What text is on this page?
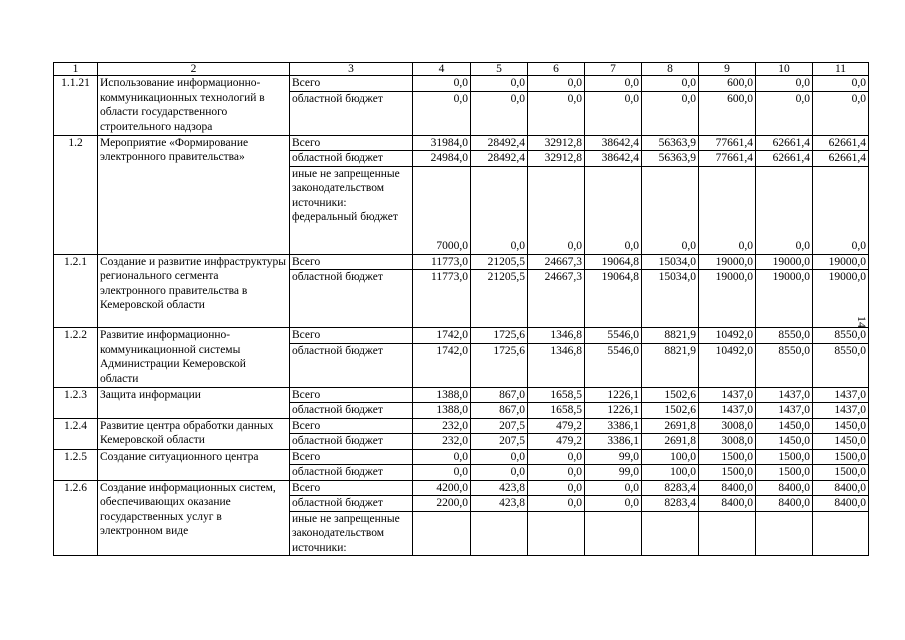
1	2	3	4	5	6	7	8	9	10	11
1.1.21	Использование информационно-коммуникационных технологий в области государственного строительного надзора	Всего	0,0	0,0	0,0	0,0	0,0	600,0	0,0	0,0
		областной бюджет	0,0	0,0	0,0	0,0	0,0	600,0	0,0	0,0
1.2	Мероприятие «Формирование электронного правительства»	Всего	31984,0	28492,4	32912,8	38642,4	56363,9	77661,4	62661,4	62661,4
		областной бюджет	24984,0	28492,4	32912,8	38642,4	56363,9	77661,4	62661,4	62661,4
		иные не запрещенные законодательством источники: федеральный бюджет	7000,0	0,0	0,0	0,0	0,0	0,0	0,0	0,0
1.2.1	Создание и развитие инфраструктуры регионального сегмента электронного правительства в Кемеровской области	Всего	11773,0	21205,5	24667,3	19064,8	15034,0	19000,0	19000,0	19000,0
		областной бюджет	11773,0	21205,5	24667,3	19064,8	15034,0	19000,0	19000,0	19000,0
1.2.2	Развитие информационно-коммуникационной системы Администрации Кемеровской области	Всего	1742,0	1725,6	1346,8	5546,0	8821,9	10492,0	8550,0	8550,0
		областной бюджет	1742,0	1725,6	1346,8	5546,0	8821,9	10492,0	8550,0	8550,0
1.2.3	Защита информации	Всего	1388,0	867,0	1658,5	1226,1	1502,6	1437,0	1437,0	1437,0
		областной бюджет	1388,0	867,0	1658,5	1226,1	1502,6	1437,0	1437,0	1437,0
1.2.4	Развитие центра обработки данных Кемеровской области	Всего	232,0	207,5	479,2	3386,1	2691,8	3008,0	1450,0	1450,0
		областной бюджет	232,0	207,5	479,2	3386,1	2691,8	3008,0	1450,0	1450,0
1.2.5	Создание ситуационного центра	Всего	0,0	0,0	0,0	99,0	100,0	1500,0	1500,0	1500,0
		областной бюджет	0,0	0,0	0,0	99,0	100,0	1500,0	1500,0	1500,0
1.2.6	Создание информационных систем, обеспечивающих оказание государственных услуг в электронном виде	Всего	4200,0	423,8	0,0	0,0	8283,4	8400,0	8400,0	8400,0
		областной бюджет	2200,0	423,8	0,0	0,0	8283,4	8400,0	8400,0	8400,0
		иные не запрещенные законодательством источники:								
14
